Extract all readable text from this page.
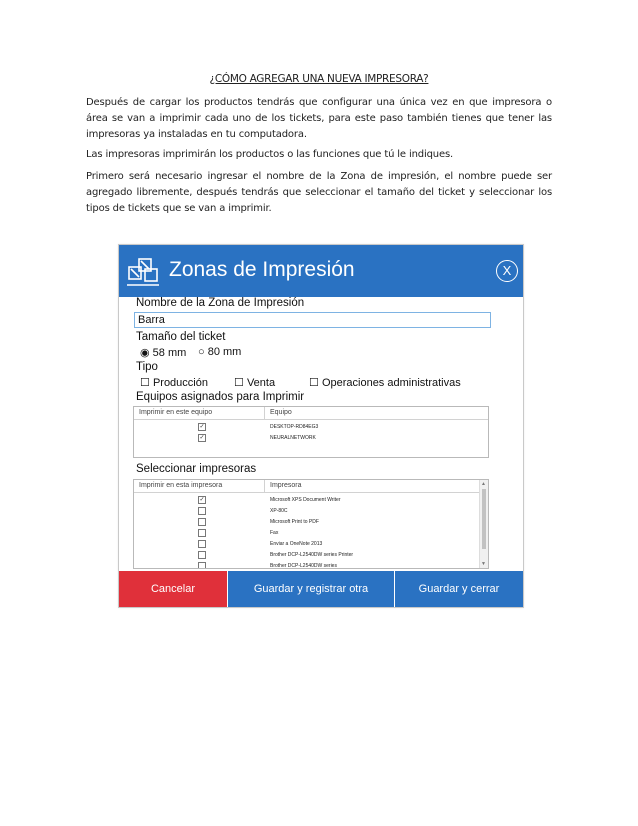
¿CÓMO AGREGAR UNA NUEVA IMPRESORA?
Después de cargar los productos tendrás que configurar una única vez en que impresora o área se van a imprimir cada uno de los tickets, para este paso también tienes que tener las impresoras ya instaladas en tu computadora.
Las impresoras imprimirán los productos o las funciones que tú le indiques.
Primero será necesario ingresar el nombre de la Zona de impresión, el nombre puede ser agregado libremente, después tendrás que seleccionar el tamaño del ticket y seleccionar los tipos de tickets que se van a imprimir.
Zonas de Impresión	X
Nombre de la Zona de Impresión
Barra
Tamaño del ticket
◉ 58 mm ○ 80 mm
Tipo
☐ Producción ☐ Venta	☐ Operaciones administrativas
Equipos asignados para Imprimir
Imprimir en este equipo	Equipo
✓	DESKTOP-RD84EG3
✓	NEURALNETWORK
Seleccionar impresoras
Imprimir en esta impresora	Impresora
✓	Microsoft XPS Document Writer
XP-80C
Microsoft Print to PDF
Fax
Enviar a OneNote 2013
Brother DCP-L2540DW series Printer
Brother DCP-L2540DW series
▲
▼
Cancelar	Guardar y registrar otra impresora
Guardar y cerrar
